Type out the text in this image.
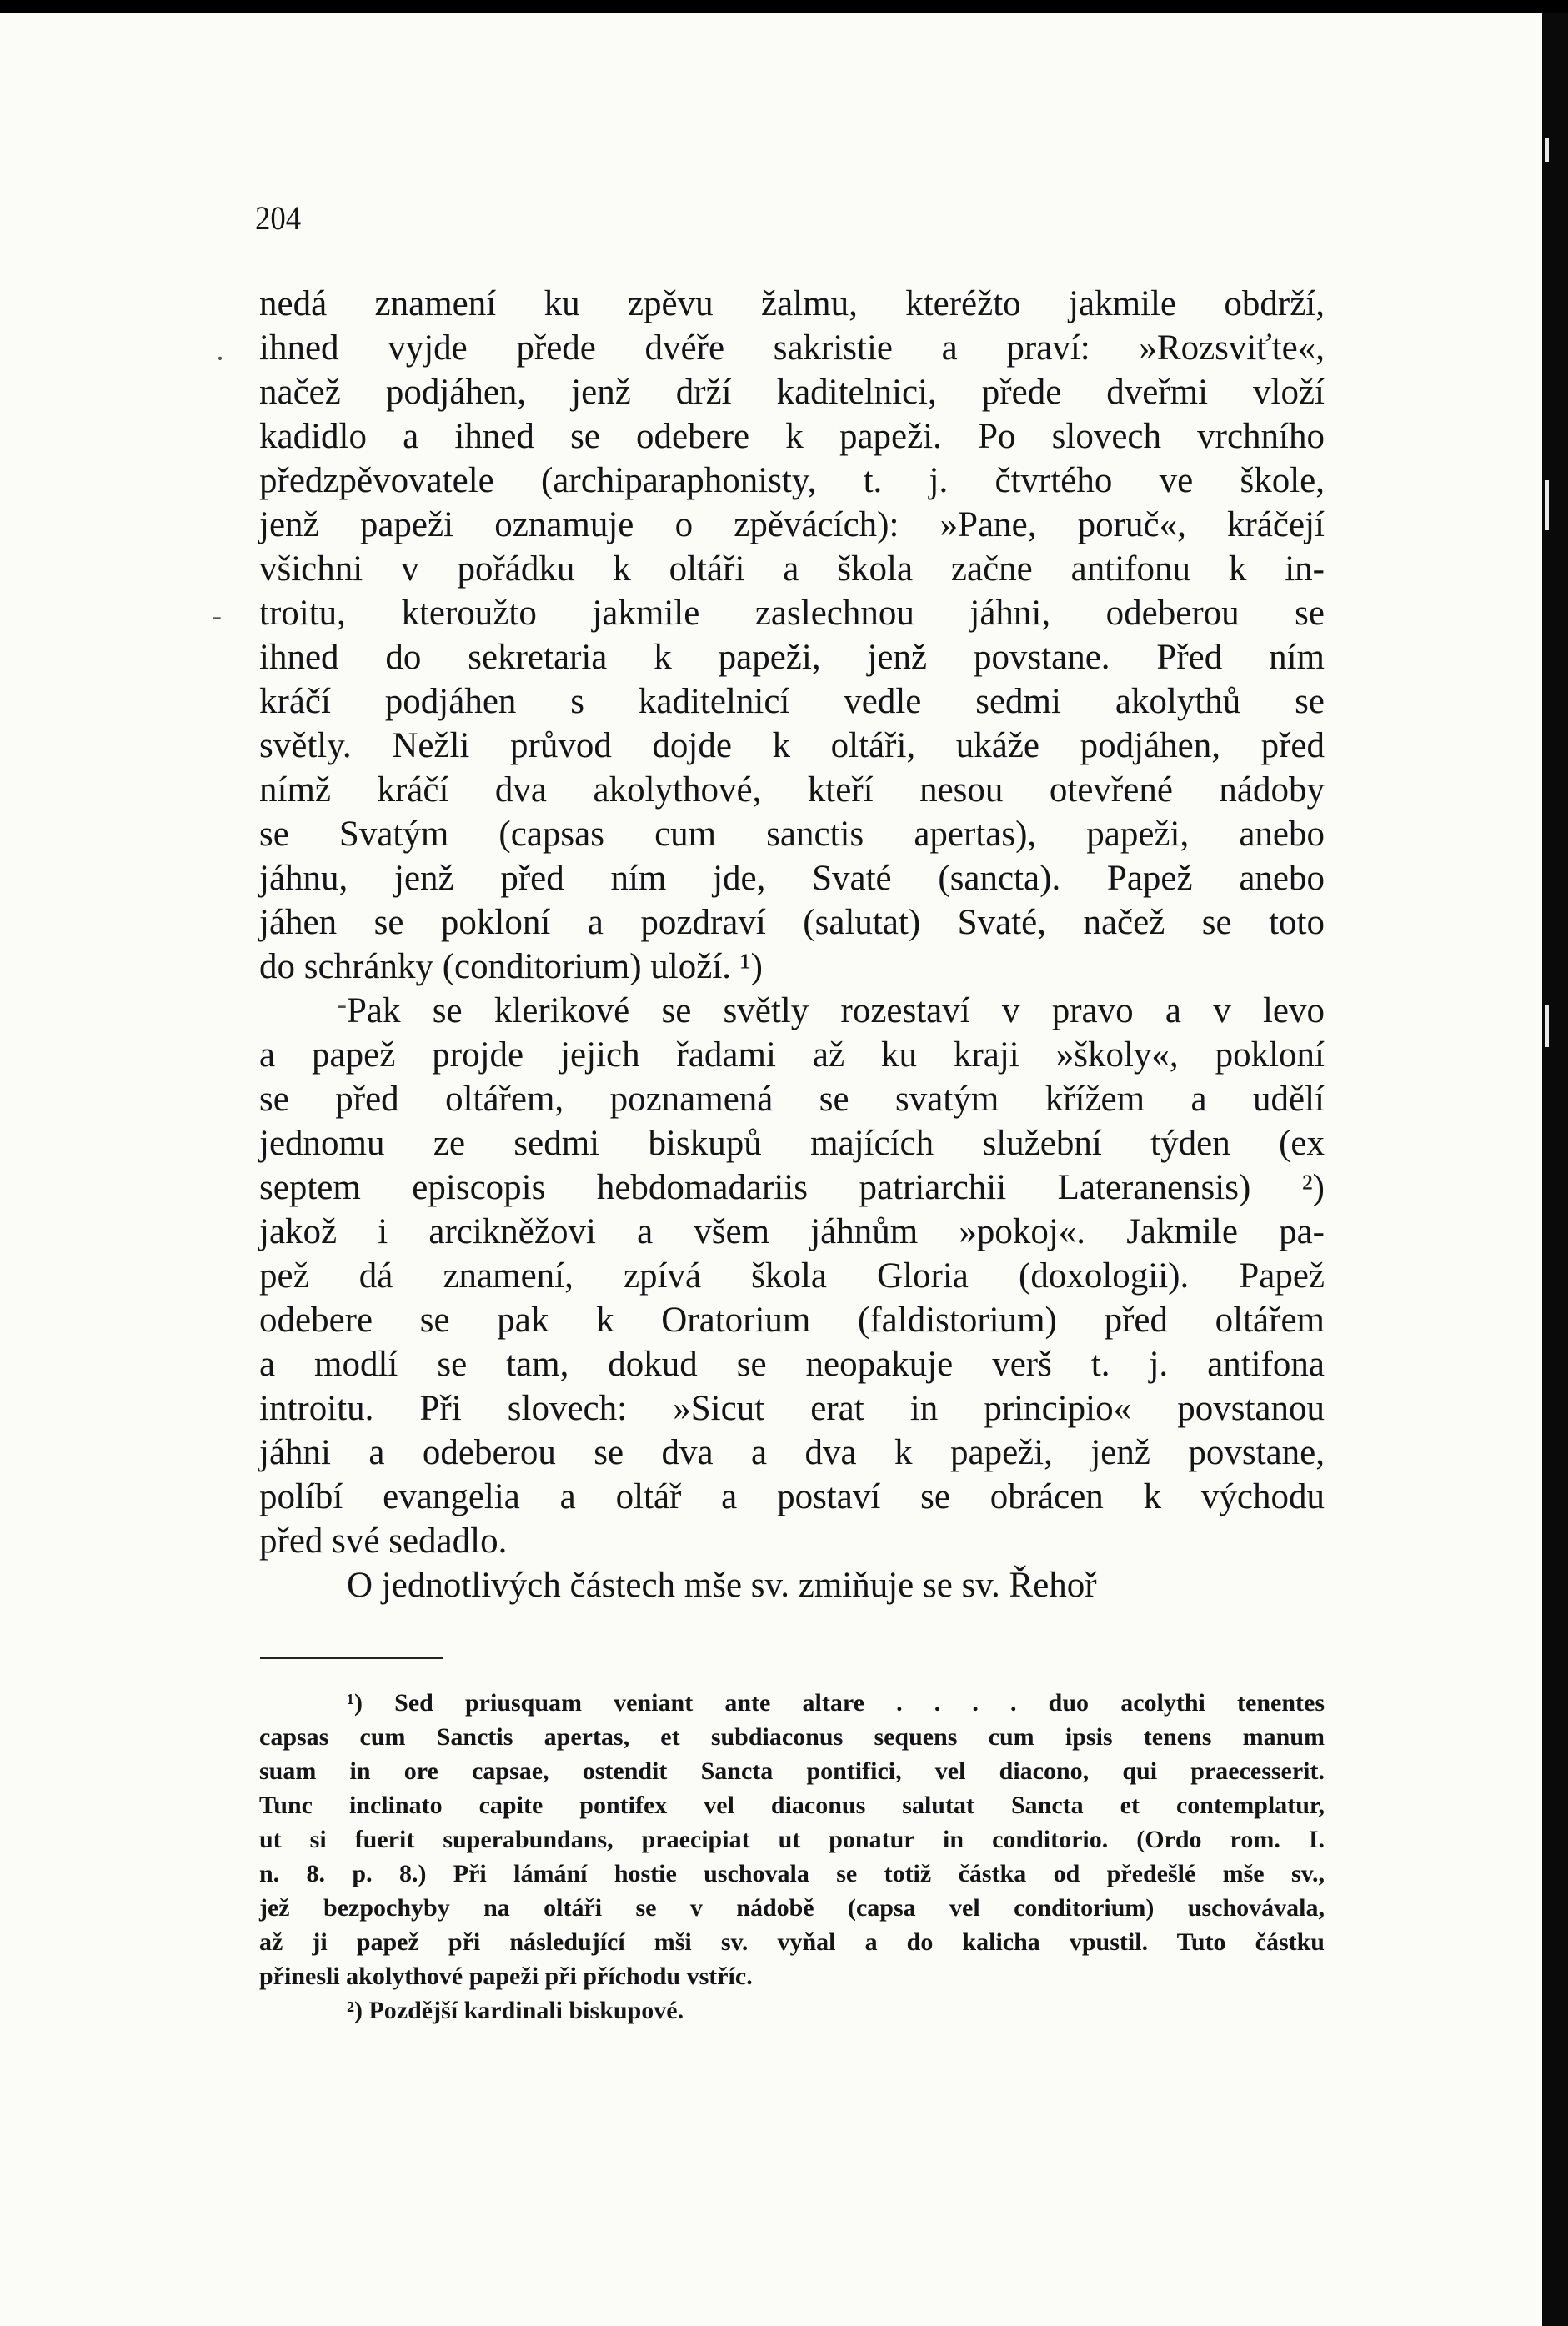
204
·
-
-
nedá znamení ku zpěvu žalmu, kteréžto jakmile obdrží,
ihned vyjde přede dvéře sakristie a praví: »Rozsviťte«,
načež podjáhen, jenž drží kaditelnici, přede dveřmi vloží
kadidlo a ihned se odebere k papeži. Po slovech vrchního
předzpěvovatele (archiparaphonisty, t. j. čtvrtého ve škole,
jenž papeži oznamuje o zpěvácích): »Pane, poruč«, kráčejí
všichni v pořádku k oltáři a škola začne antifonu k in-
troitu, kteroužto jakmile zaslechnou jáhni, odeberou se
ihned do sekretaria k papeži, jenž povstane. Před ním
kráčí podjáhen s kaditelnicí vedle sedmi akolythů se
světly. Nežli průvod dojde k oltáři, ukáže podjáhen, před
nímž kráčí dva akolythové, kteří nesou otevřené nádoby
se Svatým (capsas cum sanctis apertas), papeži, anebo
jáhnu, jenž před ním jde, Svaté (sancta). Papež anebo
jáhen se pokloní a pozdraví (salutat) Svaté, načež se toto
do schránky (conditorium) uloží. ¹)
Pak se klerikové se světly rozestaví v pravo a v levo
a papež projde jejich řadami až ku kraji »školy«, pokloní
se před oltářem, poznamená se svatým křížem a udělí
jednomu ze sedmi biskupů majících služební týden (ex
septem episcopis hebdomadariis patriarchii Lateranensis) ²)
jakož i arcikněžovi a všem jáhnům »pokoj«. Jakmile pa-
pež dá znamení, zpívá škola Gloria (doxologii). Papež
odebere se pak k Oratorium (faldistorium) před oltářem
a modlí se tam, dokud se neopakuje verš t. j. antifona
introitu. Při slovech: »Sicut erat in principio« povstanou
jáhni a odeberou se dva a dva k papeži, jenž povstane,
políbí evangelia a oltář a postaví se obrácen k východu
před své sedadlo.
O jednotlivých částech mše sv. zmiňuje se sv. Řehoř
¹) Sed priusquam veniant ante altare . . . . duo acolythi tenentes
capsas cum Sanctis apertas, et subdiaconus sequens cum ipsis tenens manum
suam in ore capsae, ostendit Sancta pontifici, vel diacono, qui praecesserit.
Tunc inclinato capite pontifex vel diaconus salutat Sancta et contemplatur,
ut si fuerit superabundans, praecipiat ut ponatur in conditorio. (Ordo rom. I.
n. 8. p. 8.) Při lámání hostie uschovala se totiž částka od předešlé mše sv.,
jež bezpochyby na oltáři se v nádobě (capsa vel conditorium) uschovávala,
až ji papež při následující mši sv. vyňal a do kalicha vpustil. Tuto částku
přinesli akolythové papeži při příchodu vstříc.
²) Pozdější kardinali biskupové.
